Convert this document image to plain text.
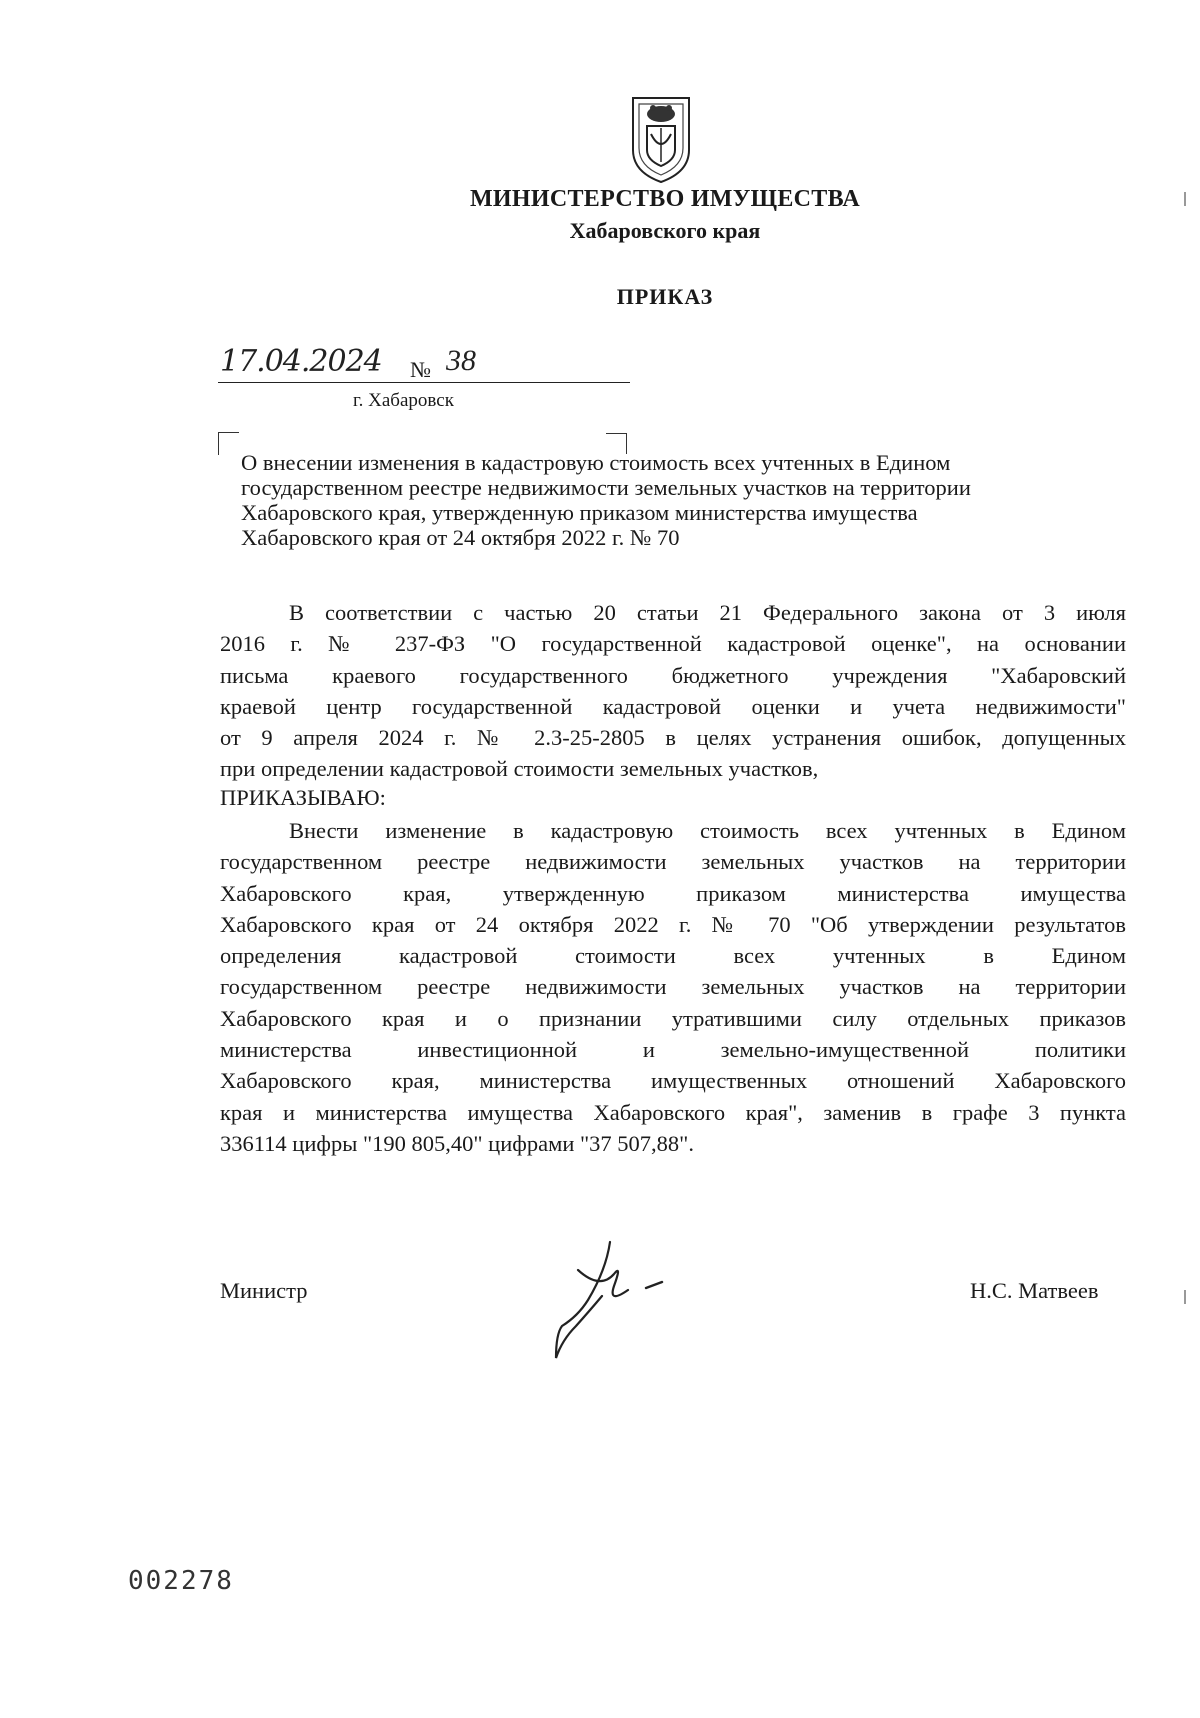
МИНИСТЕРСТВО ИМУЩЕСТВА
Хабаровского края
ПРИКАЗ
17.04.2024 № 38
г. Хабаровск
О внесении изменения в кадастровую стоимость всех учтенных в Едином
государственном реестре недвижимости земельных участков на территории
Хабаровского края, утвержденную приказом министерства имущества
Хабаровского края от 24 октября 2022 г. № 70
В соответствии с частью 20 статьи 21 Федерального закона от 3 июля
2016 г. № 237-ФЗ "О государственной кадастровой оценке", на основании
письма краевого государственного бюджетного учреждения "Хабаровский
краевой центр государственной кадастровой оценки и учета недвижимости"
от 9 апреля 2024 г. № 2.3-25-2805 в целях устранения ошибок, допущенных
при определении кадастровой стоимости земельных участков,
ПРИКАЗЫВАЮ:
Внести изменение в кадастровую стоимость всех учтенных в Едином
государственном реестре недвижимости земельных участков на территории
Хабаровского края, утвержденную приказом министерства имущества
Хабаровского края от 24 октября 2022 г. № 70 "Об утверждении результатов
определения кадастровой стоимости всех учтенных в Едином
государственном реестре недвижимости земельных участков на территории
Хабаровского края и о признании утратившими силу отдельных приказов
министерства инвестиционной и земельно-имущественной политики
Хабаровского края, министерства имущественных отношений Хабаровского
края и министерства имущества Хабаровского края", заменив в графе 3 пункта
336114 цифры "190 805,40" цифрами "37 507,88".
Министр	Н.С. Матвеев
002278
